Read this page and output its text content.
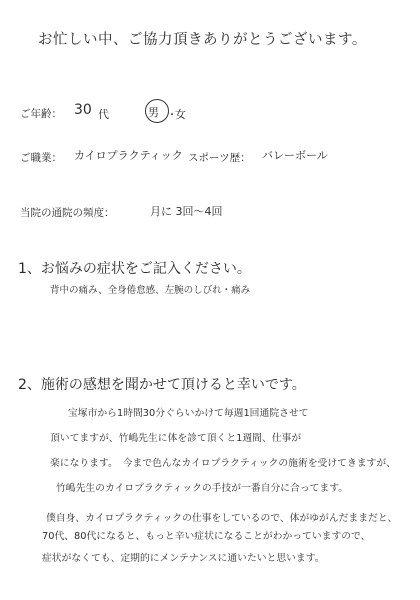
お忙しい中、ご協力頂きありがとうございます。
ご年齢： 30 代	男 ・
女
ご職業： カイロプラクティック スポーツ歴： バレーボール
当院の通院の頻度：	月に 3回〜4回
1、お悩みの症状をご記入ください。
背中の痛み、全身倦怠感、左腕のしびれ・痛み
2、施術の感想を聞かせて頂けると幸いです。
宝塚市から1時間30分ぐらいかけて毎週1回通院させて
頂いてますが、竹嶋先生に体を診て頂くと1週間、仕事が
楽になります。　今まで色んなカイロプラクティックの施術を受けてきますが、
竹嶋先生のカイロプラクティックの手技が一番自分に合ってます。
僕自身、カイロプラクティックの仕事をしているので、体がゆがんだままだと、
70代、80代になると、もっと辛い症状になることがわかっていますので、
症状がなくても、定期的にメンテナンスに通いたいと思います。
